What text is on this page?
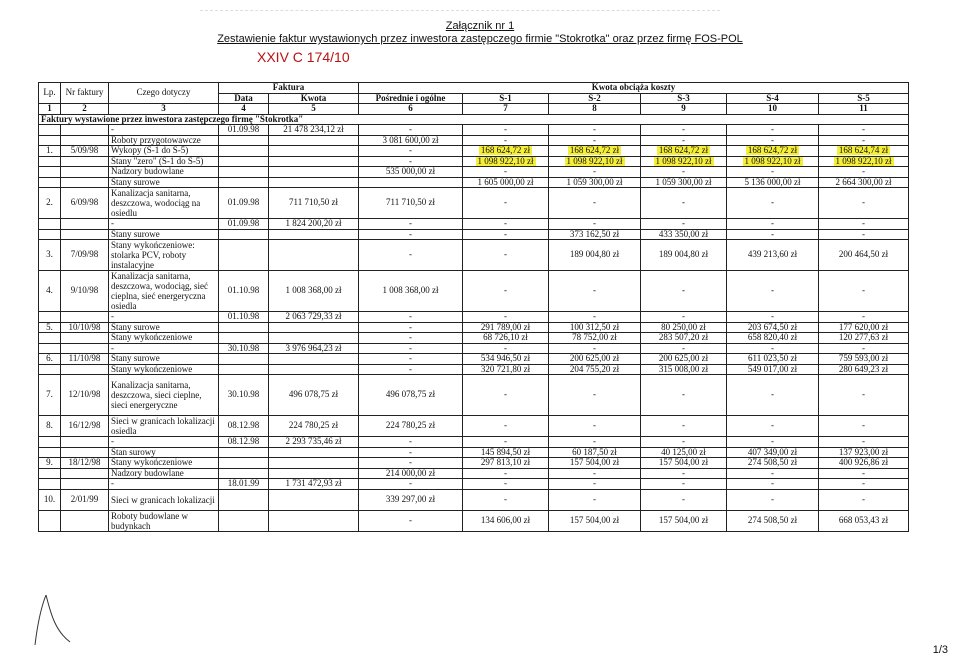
Załącznik nr 1
Zestawienie faktur wystawionych przez inwestora zastępczego firmie "Stokrotka" oraz przez firmę FOS-POL
XXIV C 174/10
Lp.	Nr faktury	Czego dotyczy	Faktura		Kwota obciąża koszty					
			Data	Kwota	Pośrednie i ogólne	S-1	S-2	S-3	S-4	S-5
1	2	3	4	5	6	7	8	9	10	11
Faktury wystawione przez inwestora zastępczego firmę "Stokrotka"										
		-	01.09.98	21 478 234,12 zł	-	-	-	-	-	-
		Roboty przygotowawcze			3 081 600,00 zł	-	-	-	-	-
1.	5/09/98	Wykopy (S-1 do S-5)			-	168 624,72 zł	168 624,72 zł	168 624,72 zł	168 624,72 zł	168 624,74 zł
		Stany "zero" (S-1 do S-5)			-	1 098 922,10 zł	1 098 922,10 zł	1 098 922,10 zł	1 098 922,10 zł	1 098 922,10 zł
		Nadzory budowlane			535 000,00 zł	-	-	-	-	-
		Stany surowe				1 605 000,00 zł	1 059 300,00 zł	1 059 300,00 zł	5 136 000,00 zł	2 664 300,00 zł
2.	6/09/98	Kanalizacja sanitarna, deszczowa, wodociąg na osiedlu	01.09.98	711 710,50 zł	711 710,50 zł	-	-	-	-	-
		-	01.09.98	1 824 200,20 zł	-	-	-	-	-	-
		Stany surowe			-	-	373 162,50 zł	433 350,00 zł	-	-
3.	7/09/98	Stany wykończeniowe: stolarka PCV, roboty instalacyjne			-	-	189 004,80 zł	189 004,80 zł	439 213,60 zł	200 464,50 zł
4.	9/10/98	Kanalizacja sanitarna, deszczowa, wodociąg, sieć cieplna, sieć energeryczna osiedla	01.10.98	1 008 368,00 zł	1 008 368,00 zł	-	-	-	-	-
		-	01.10.98	2 063 729,33 zł	-	-	-	-	-	-
5.	10/10/98	Stany surowe			-	291 789,00 zł	100 312,50 zł	80 250,00 zł	203 674,50 zł	177 620,00 zł
		Stany wykończeniowe			-	68 726,10 zł	78 752,00 zł	283 507,20 zł	658 820,40 zł	120 277,63 zł
		-	30.10.98	3 976 964,23 zł	-	-	-	-	-	-
6.	11/10/98	Stany surowe			-	534 946,50 zł	200 625,00 zł	200 625,00 zł	611 023,50 zł	759 593,00 zł
		Stany wykończeniowe			-	320 721,80 zł	204 755,20 zł	315 008,00 zł	549 017,00 zł	280 649,23 zł
7.	12/10/98	Kanalizacja sanitarna, deszczowa, sieci cieplne, sieci energeryczne	30.10.98	496 078,75 zł	496 078,75 zł	-	-	-	-	-
8.	16/12/98	Sieci w granicach lokalizacji osiedla	08.12.98	224 780,25 zł	224 780,25 zł	-	-	-	-	-
		-	08.12.98	2 293 735,46 zł	-	-	-	-	-	-
		Stan surowy			-	145 894,50 zł	60 187,50 zł	40 125,00 zł	407 349,00 zł	137 923,00 zł
9.	18/12/98	Stany wykończeniowe			-	297 813,10 zł	157 504,00 zł	157 504,00 zł	274 508,50 zł	400 926,86 zł
		Nadzory budowlane			214 000,00 zł	-	-	-	-	-
		-	18.01.99	1 731 472,93 zł	-	-	-	-	-	-
10.	2/01/99	Sieci w granicach lokalizacji			339 297,00 zł	-	-	-	-	-
		Roboty budowlane w budynkach			-	134 606,00 zł	157 504,00 zł	157 504,00 zł	274 508,50 zł	668 053,43 zł
1/3
